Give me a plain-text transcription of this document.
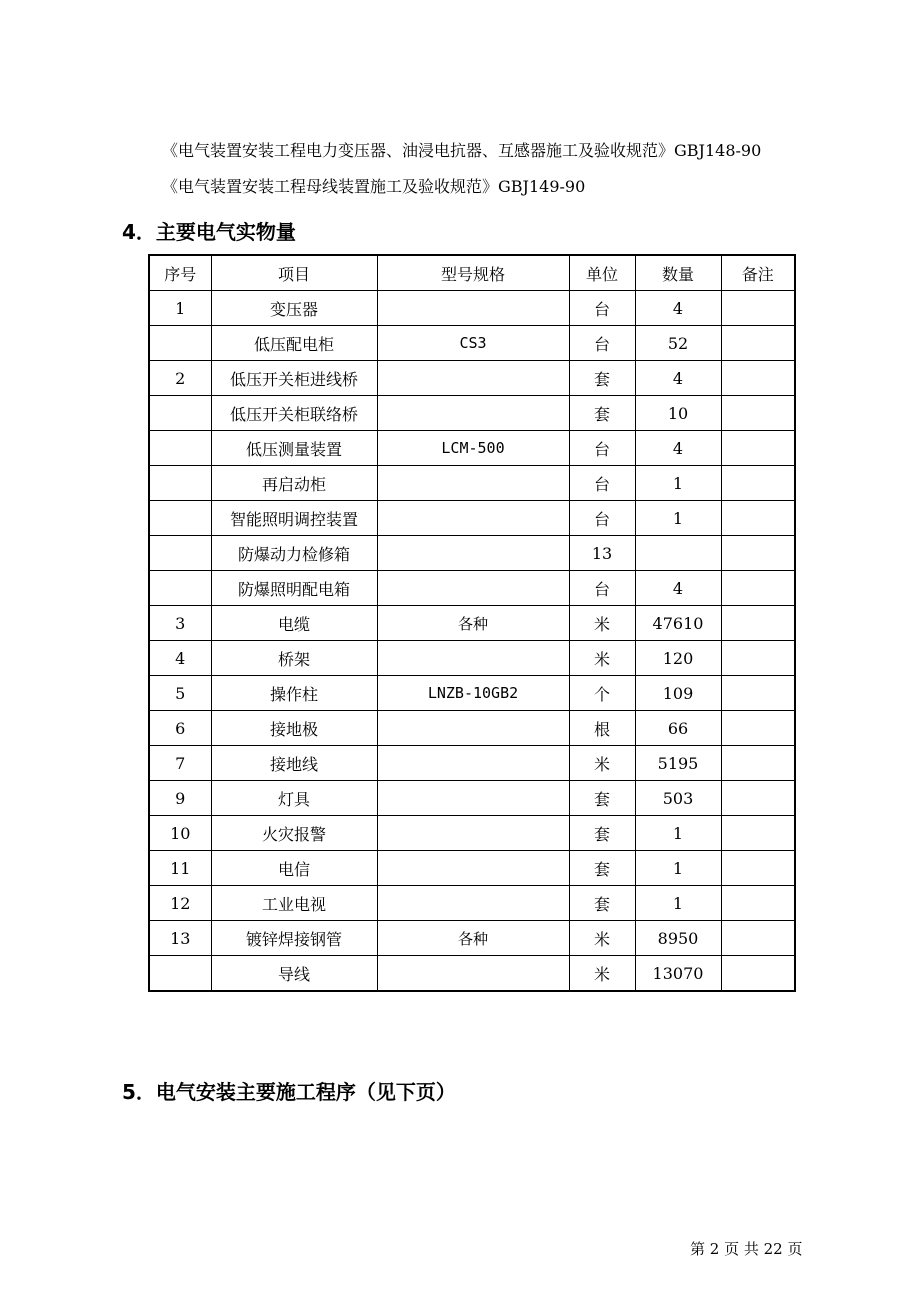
《电气装置安装工程电力变压器、油浸电抗器、互感器施工及验收规范》GBJ148-90
《电气装置安装工程母线装置施工及验收规范》GBJ149-90
4．主要电气实物量
序号	项目	型号规格	单位	数量	备注
1	变压器		台	4	
	低压配电柜	CS3	台	52	
2	低压开关柜进线桥		套	4	
	低压开关柜联络桥		套	10	
	低压测量装置	LCM-500	台	4	
	再启动柜		台	1	
	智能照明调控装置		台	1	
	防爆动力检修箱		13		
	防爆照明配电箱		台	4	
3	电缆	各种	米	47610	
4	桥架		米	120	
5	操作柱	LNZB-10GB2	个	109	
6	接地极		根	66	
7	接地线		米	5195	
9	灯具		套	503	
10	火灾报警		套	1	
11	电信		套	1	
12	工业电视		套	1	
13	镀锌焊接钢管	各种	米	8950	
	导线		米	13070	
5．电气安装主要施工程序（见下页）
第 2 页 共 22 页
